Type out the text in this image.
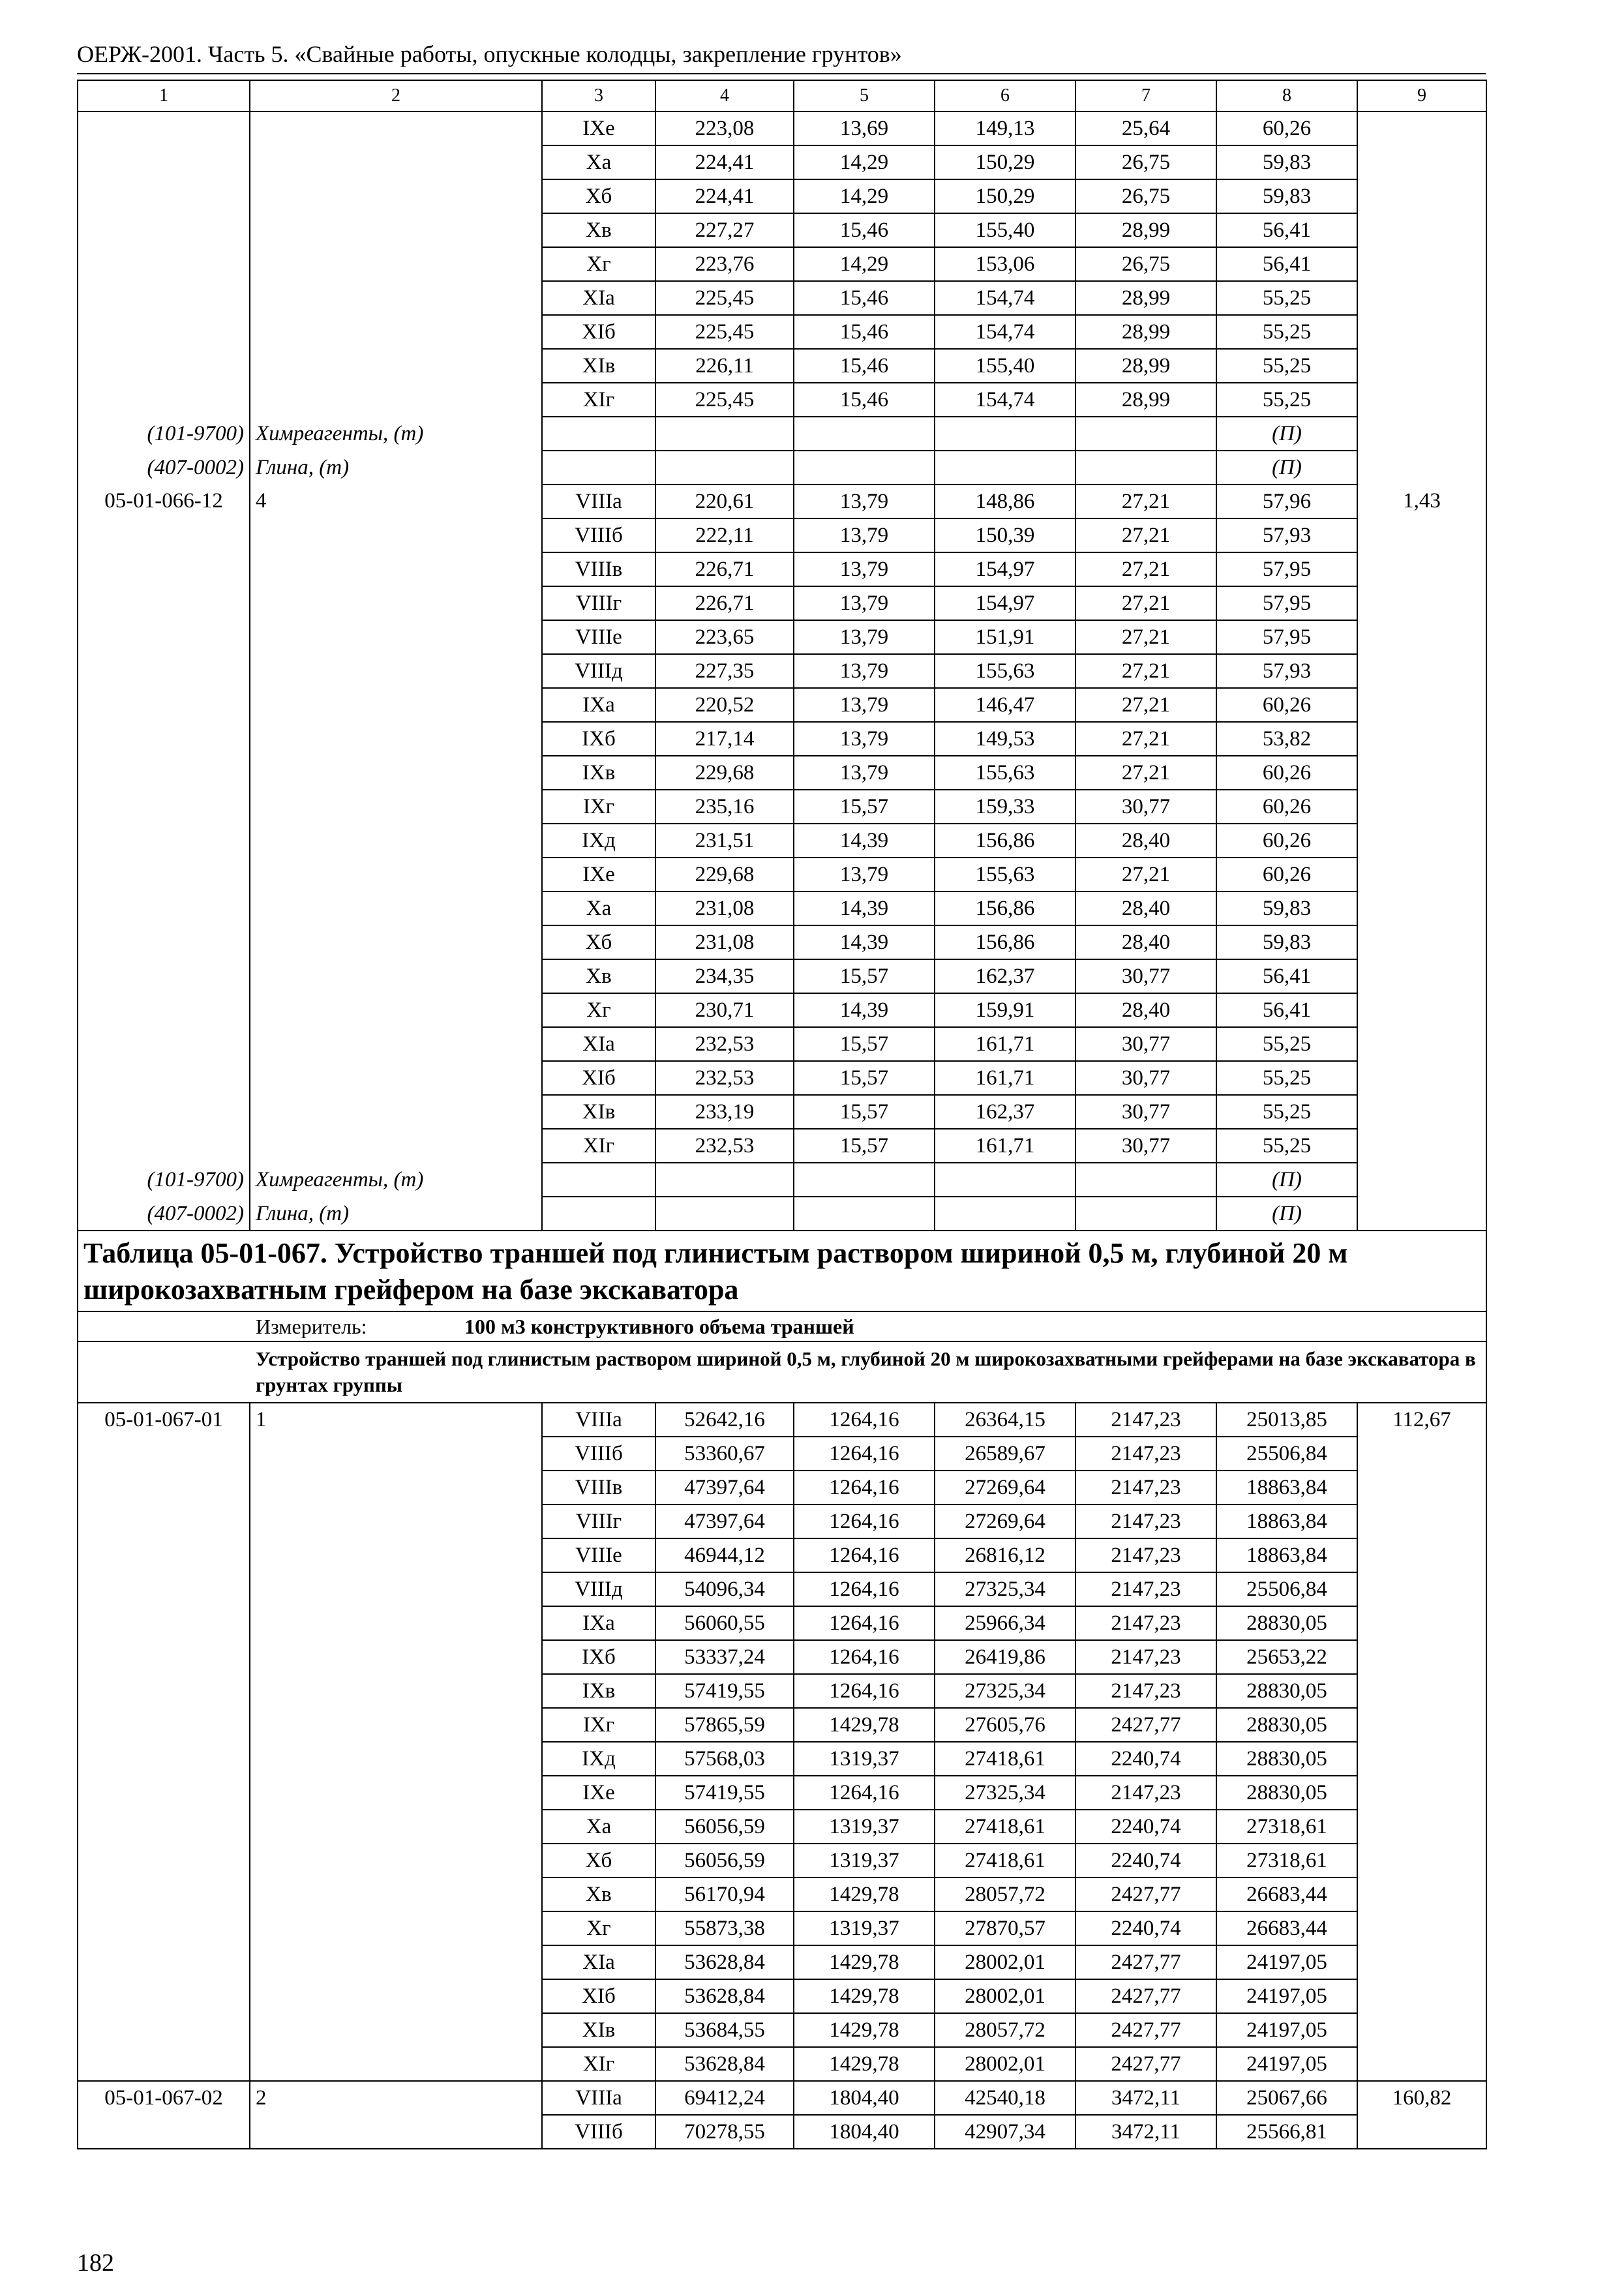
ОЕРЖ-2001. Часть 5. «Свайные работы, опускные колодцы, закрепление грунтов»
1	2	3	4	5	6	7	8	9
		IXе	223,08	13,69	149,13	25,64	60,26	
		Xа	224,41	14,29	150,29	26,75	59,83	
		Xб	224,41	14,29	150,29	26,75	59,83	
		Xв	227,27	15,46	155,40	28,99	56,41	
		Xг	223,76	14,29	153,06	26,75	56,41	
		XIа	225,45	15,46	154,74	28,99	55,25	
		XIб	225,45	15,46	154,74	28,99	55,25	
		XIв	226,11	15,46	155,40	28,99	55,25	
		XIг	225,45	15,46	154,74	28,99	55,25	
(101-9700)	Химреагенты, (т)						(П)	
(407-0002)	Глина, (т)						(П)	
05-01-066-12	4	VIIIа	220,61	13,79	148,86	27,21	57,96	1,43
		VIIIб	222,11	13,79	150,39	27,21	57,93	
		VIIIв	226,71	13,79	154,97	27,21	57,95	
		VIIIг	226,71	13,79	154,97	27,21	57,95	
		VIIIе	223,65	13,79	151,91	27,21	57,95	
		VIIIд	227,35	13,79	155,63	27,21	57,93	
		IXа	220,52	13,79	146,47	27,21	60,26	
		IXб	217,14	13,79	149,53	27,21	53,82	
		IXв	229,68	13,79	155,63	27,21	60,26	
		IXг	235,16	15,57	159,33	30,77	60,26	
		IXд	231,51	14,39	156,86	28,40	60,26	
		IXе	229,68	13,79	155,63	27,21	60,26	
		Xа	231,08	14,39	156,86	28,40	59,83	
		Xб	231,08	14,39	156,86	28,40	59,83	
		Xв	234,35	15,57	162,37	30,77	56,41	
		Xг	230,71	14,39	159,91	28,40	56,41	
		XIа	232,53	15,57	161,71	30,77	55,25	
		XIб	232,53	15,57	161,71	30,77	55,25	
		XIв	233,19	15,57	162,37	30,77	55,25	
		XIг	232,53	15,57	161,71	30,77	55,25	
(101-9700)	Химреагенты, (т)						(П)	
(407-0002)	Глина, (т)						(П)	
Таблица 05-01-067. Устройство траншей под глинистым раствором шириной 0,5 м, глубиной 20 м широкозахватным грейфером на базе экскаватора								
Измеритель: 100 м3 конструктивного объема траншей								
Устройство траншей под глинистым раствором шириной 0,5 м, глубиной 20 м широкозахватными грейферами на базе экскаватора в грунтах группы								
05-01-067-01	1	VIIIа	52642,16	1264,16	26364,15	2147,23	25013,85	112,67
		VIIIб	53360,67	1264,16	26589,67	2147,23	25506,84	
		VIIIв	47397,64	1264,16	27269,64	2147,23	18863,84	
		VIIIг	47397,64	1264,16	27269,64	2147,23	18863,84	
		VIIIе	46944,12	1264,16	26816,12	2147,23	18863,84	
		VIIIд	54096,34	1264,16	27325,34	2147,23	25506,84	
		IXа	56060,55	1264,16	25966,34	2147,23	28830,05	
		IXб	53337,24	1264,16	26419,86	2147,23	25653,22	
		IXв	57419,55	1264,16	27325,34	2147,23	28830,05	
		IXг	57865,59	1429,78	27605,76	2427,77	28830,05	
		IXд	57568,03	1319,37	27418,61	2240,74	28830,05	
		IXе	57419,55	1264,16	27325,34	2147,23	28830,05	
		Xа	56056,59	1319,37	27418,61	2240,74	27318,61	
		Xб	56056,59	1319,37	27418,61	2240,74	27318,61	
		Xв	56170,94	1429,78	28057,72	2427,77	26683,44	
		Xг	55873,38	1319,37	27870,57	2240,74	26683,44	
		XIа	53628,84	1429,78	28002,01	2427,77	24197,05	
		XIб	53628,84	1429,78	28002,01	2427,77	24197,05	
		XIв	53684,55	1429,78	28057,72	2427,77	24197,05	
		XIг	53628,84	1429,78	28002,01	2427,77	24197,05	
05-01-067-02	2	VIIIа	69412,24	1804,40	42540,18	3472,11	25067,66	160,82
		VIIIб	70278,55	1804,40	42907,34	3472,11	25566,81	
182
